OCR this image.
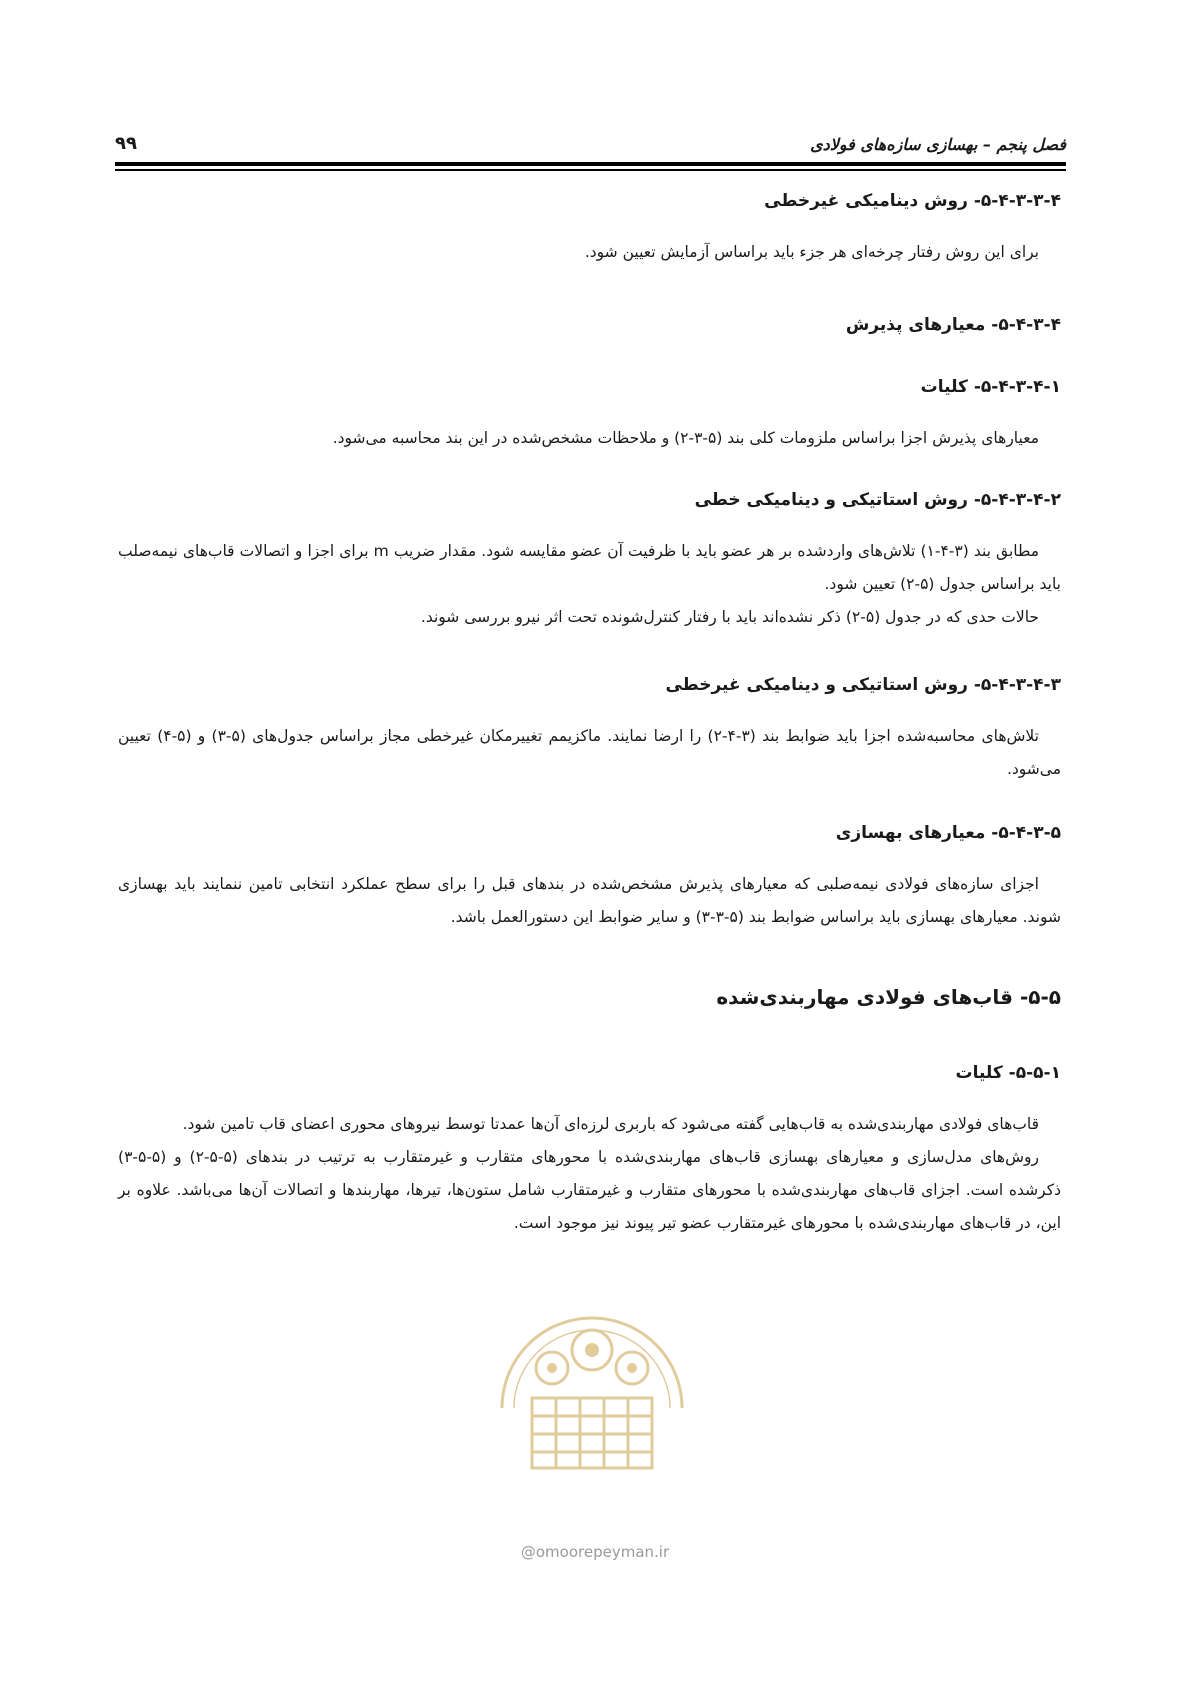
فصل پنجم – بهسازی سازه‌های فولادی
۹۹
۵-۴-۳-۳-۴- روش دینامیکی غیرخطی
برای این روش رفتار چرخه‌ای هر جزء باید براساس آزمایش تعیین شود.
۵-۴-۳-۴- معیارهای پذیرش
۵-۴-۳-۴-۱- کلیات
معیارهای پذیرش اجزا براساس ملزومات کلی بند (۵-۳-۲) و ملاحظات مشخص‌شده در این بند محاسبه می‌شود.
۵-۴-۳-۴-۲- روش استاتیکی و دینامیکی خطی
مطابق بند (۳-۴-۱) تلاش‌های واردشده بر هر عضو باید با ظرفیت آن عضو مقایسه شود. مقدار ضریب m برای اجزا و اتصالات قاب‌های نیمه‌صلب باید براساس جدول (۵-۲) تعیین شود.
حالات حدی که در جدول (۵-۲) ذکر نشده‌اند باید با رفتار کنترل‌شونده تحت اثر نیرو بررسی شوند.
۵-۴-۳-۴-۳- روش استاتیکی و دینامیکی غیرخطی
تلاش‌های محاسبه‌شده اجزا باید ضوابط بند (۳-۴-۲) را ارضا نمایند. ماکزیمم تغییرمکان غیرخطی مجاز براساس جدول‌های (۵-۳) و (۵-۴) تعیین می‌شود.
۵-۴-۳-۵- معیارهای بهسازی
اجزای سازه‌های فولادی نیمه‌صلبی که معیارهای پذیرش مشخص‌شده در بندهای قبل را برای سطح عملکرد انتخابی تامین ننمایند باید بهسازی شوند. معیارهای بهسازی باید براساس ضوابط بند (۵-۳-۳) و سایر ضوابط این دستورالعمل باشد.
۵-۵- قاب‌های فولادی مهاربندی‌شده
۵-۵-۱- کلیات
قاب‌های فولادی مهاربندی‌شده به قاب‌هایی گفته می‌شود که باربری لرزه‌ای آن‌ها عمدتا توسط نیروهای محوری اعضای قاب تامین شود.
روش‌های مدل‌سازی و معیارهای بهسازی قاب‌های مهاربندی‌شده با محورهای متقارب و غیرمتقارب به ترتیب در بندهای (۵-۵-۲) و (۵-۵-۳) ذکرشده است. اجزای قاب‌های مهاربندی‌شده با محورهای متقارب و غیرمتقارب شامل ستون‌ها، تیرها، مهاربندها و اتصالات آن‌ها می‌باشد. علاوه بر این، در قاب‌های مهاربندی‌شده با محورهای غیرمتقارب عضو تیر پیوند نیز موجود است.
@omoorepeyman.ir
